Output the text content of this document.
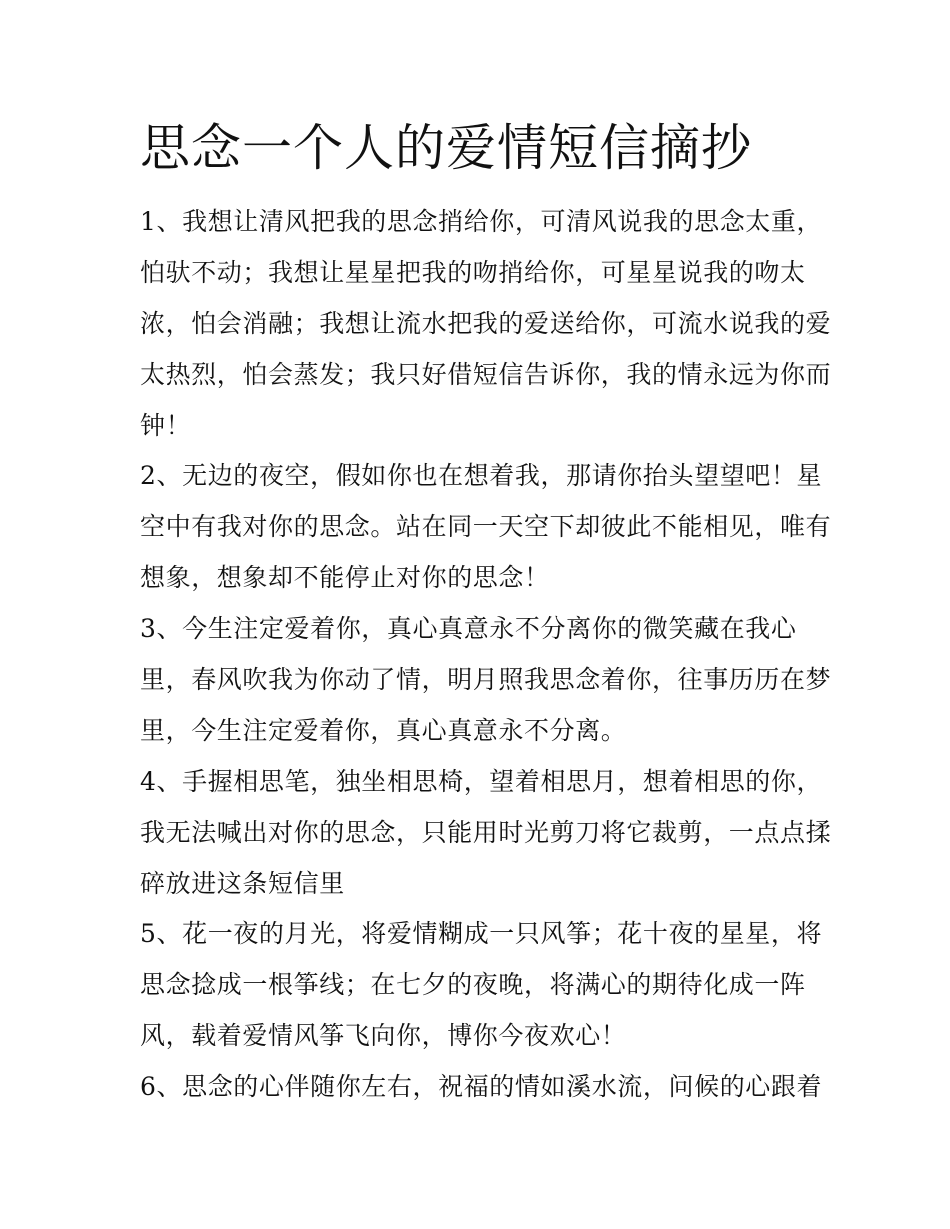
思念一个人的爱情短信摘抄
1、我想让清风把我的思念捎给你，可清风说我的思念太重，
怕驮不动；我想让星星把我的吻捎给你，可星星说我的吻太
浓，怕会消融；我想让流水把我的爱送给你，可流水说我的爱
太热烈，怕会蒸发；我只好借短信告诉你，我的情永远为你而
钟！
2、无边的夜空，假如你也在想着我，那请你抬头望望吧！星
空中有我对你的思念。站在同一天空下却彼此不能相见，唯有
想象，想象却不能停止对你的思念！
3、今生注定爱着你，真心真意永不分离你的微笑藏在我心
里，春风吹我为你动了情，明月照我思念着你，往事历历在梦
里，今生注定爱着你，真心真意永不分离。
4、手握相思笔，独坐相思椅，望着相思月，想着相思的你，
我无法喊出对你的思念，只能用时光剪刀将它裁剪，一点点揉
碎放进这条短信里
5、花一夜的月光，将爱情糊成一只风筝；花十夜的星星，将
思念捻成一根筝线；在七夕的夜晚，将满心的期待化成一阵
风，载着爱情风筝飞向你，博你今夜欢心！
6、思念的心伴随你左右，祝福的情如溪水流，问候的心跟着
